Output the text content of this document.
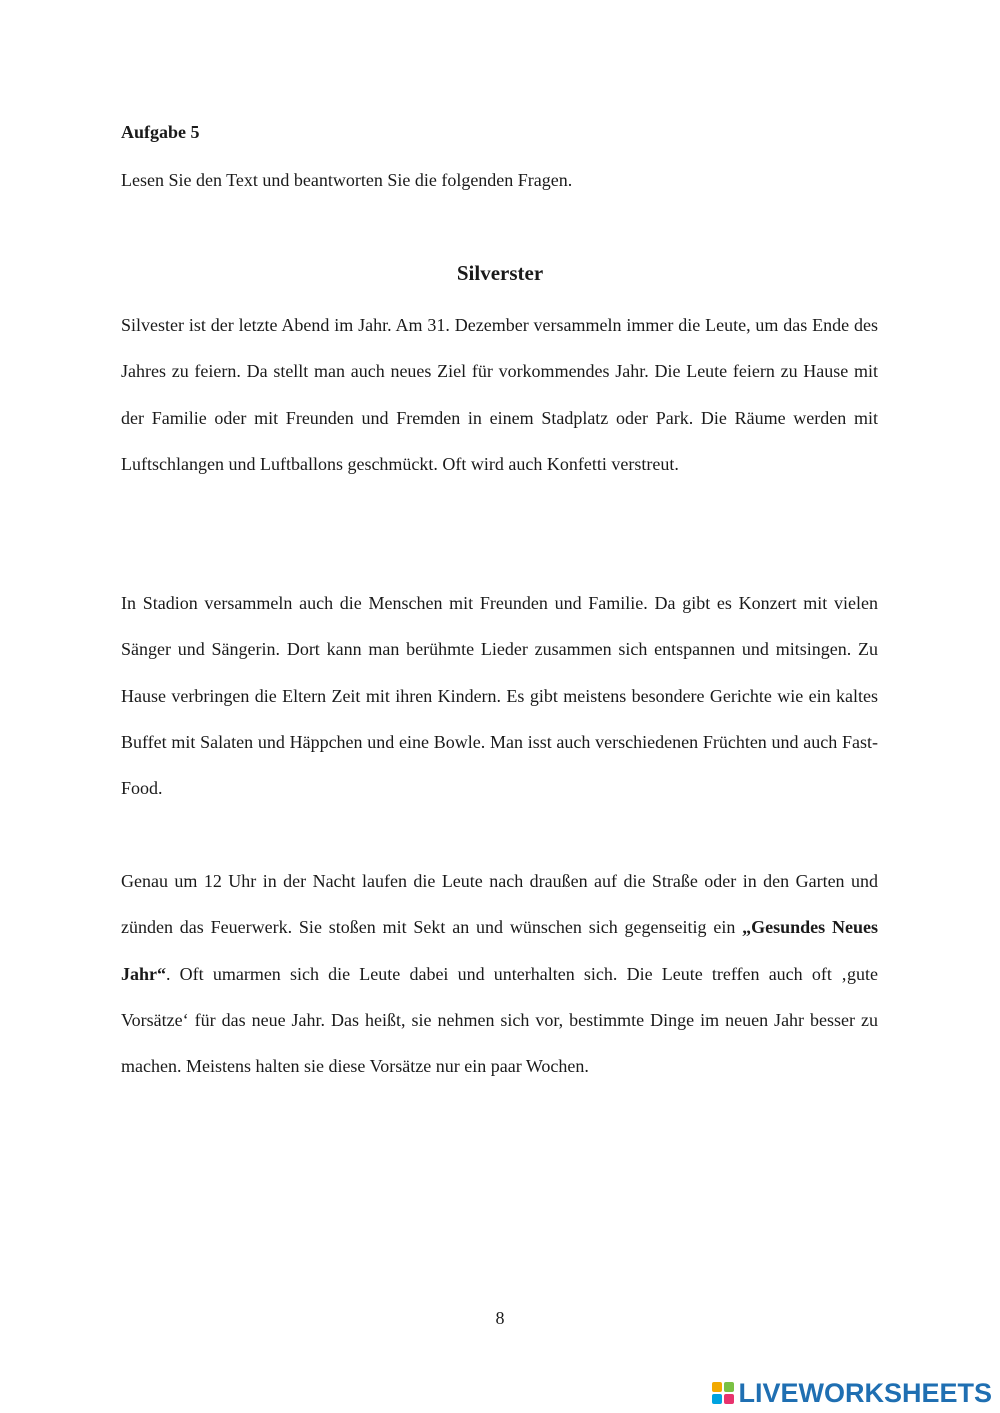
Aufgabe 5
Lesen Sie den Text und beantworten Sie die folgenden Fragen.
Silverster

Silvester ist der letzte Abend im Jahr. Am 31. Dezember versammeln immer die Leute, um das Ende des Jahres zu feiern. Da stellt man auch neues Ziel für vorkommendes Jahr. Die Leute feiern zu Hause mit der Familie oder mit Freunden und Fremden in einem Stadplatz oder Park. Die Räume werden mit Luftschlangen und Luftballons geschmückt. Oft wird auch Konfetti verstreut.

In Stadion versammeln auch die Menschen mit Freunden und Familie. Da gibt es Konzert mit vielen Sänger und Sängerin. Dort kann man berühmte Lieder zusammen sich entspannen und mitsingen. Zu Hause verbringen die Eltern Zeit mit ihren Kindern. Es gibt meistens besondere Gerichte wie ein kaltes Buffet mit Salaten und Häppchen und eine Bowle. Man isst auch verschiedenen Früchten und auch Fast-Food.

Genau um 12 Uhr in der Nacht laufen die Leute nach draußen auf die Straße oder in den Garten und zünden das Feuerwerk. Sie stoßen mit Sekt an und wünschen sich gegenseitig ein „Gesundes Neues Jahr“. Oft umarmen sich die Leute dabei und unterhalten sich. Die Leute treffen auch oft ‚gute Vorsätze‘ für das neue Jahr. Das heißt, sie nehmen sich vor, bestimmte Dinge im neuen Jahr besser zu machen. Meistens halten sie diese Vorsätze nur ein paar Wochen.

8
LIVEWORKSHEETS
